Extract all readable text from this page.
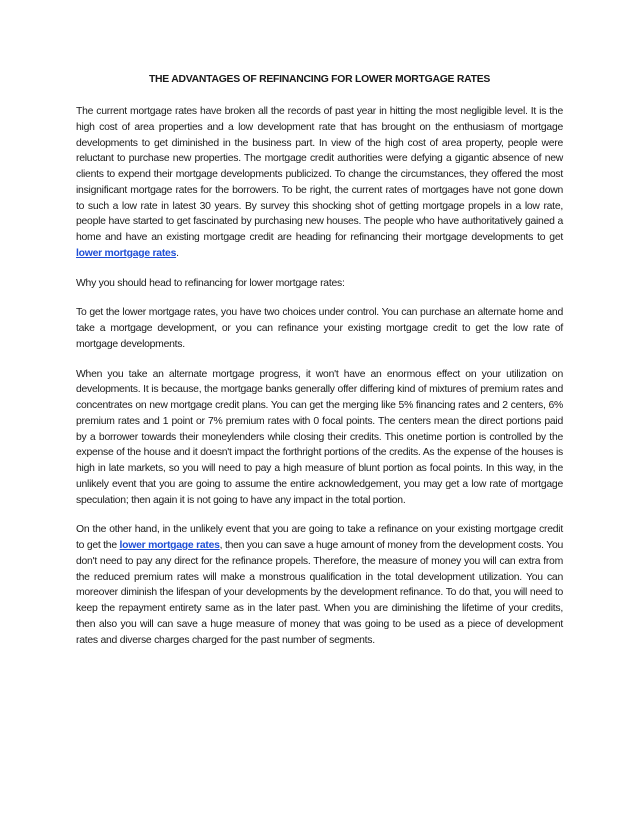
THE ADVANTAGES OF REFINANCING FOR LOWER MORTGAGE RATES

The current mortgage rates have broken all the records of past year in hitting the most negligible level. It is the high cost of area properties and a low development rate that has brought on the enthusiasm of mortgage developments to get diminished in the business part. In view of the high cost of area property, people were reluctant to purchase new properties. The mortgage credit authorities were defying a gigantic absence of new clients to expend their mortgage developments publicized. To change the circumstances, they offered the most insignificant mortgage rates for the borrowers. To be right, the current rates of mortgages have not gone down to such a low rate in latest 30 years. By survey this shocking shot of getting mortgage propels in a low rate, people have started to get fascinated by purchasing new houses. The people who have authoritatively gained a home and have an existing mortgage credit are heading for refinancing their mortgage developments to get lower mortgage rates.

Why you should head to refinancing for lower mortgage rates:

To get the lower mortgage rates, you have two choices under control. You can purchase an alternate home and take a mortgage development, or you can refinance your existing mortgage credit to get the low rate of mortgage developments.

When you take an alternate mortgage progress, it won't have an enormous effect on your utilization on developments. It is because, the mortgage banks generally offer differing kind of mixtures of premium rates and concentrates on new mortgage credit plans. You can get the merging like 5% financing rates and 2 centers, 6% premium rates and 1 point or 7% premium rates with 0 focal points. The centers mean the direct portions paid by a borrower towards their moneylenders while closing their credits. This onetime portion is controlled by the expense of the house and it doesn't impact the forthright portions of the credits. As the expense of the houses is high in late markets, so you will need to pay a high measure of blunt portion as focal points. In this way, in the unlikely event that you are going to assume the entire acknowledgement, you may get a low rate of mortgage speculation; then again it is not going to have any impact in the total portion.

On the other hand, in the unlikely event that you are going to take a refinance on your existing mortgage credit to get the lower mortgage rates, then you can save a huge amount of money from the development costs. You don't need to pay any direct for the refinance propels. Therefore, the measure of money you will can extra from the reduced premium rates will make a monstrous qualification in the total development utilization. You can moreover diminish the lifespan of your developments by the development refinance. To do that, you will need to keep the repayment entirety same as in the later past. When you are diminishing the lifetime of your credits, then also you will can save a huge measure of money that was going to be used as a piece of development rates and diverse charges charged for the past number of segments.
